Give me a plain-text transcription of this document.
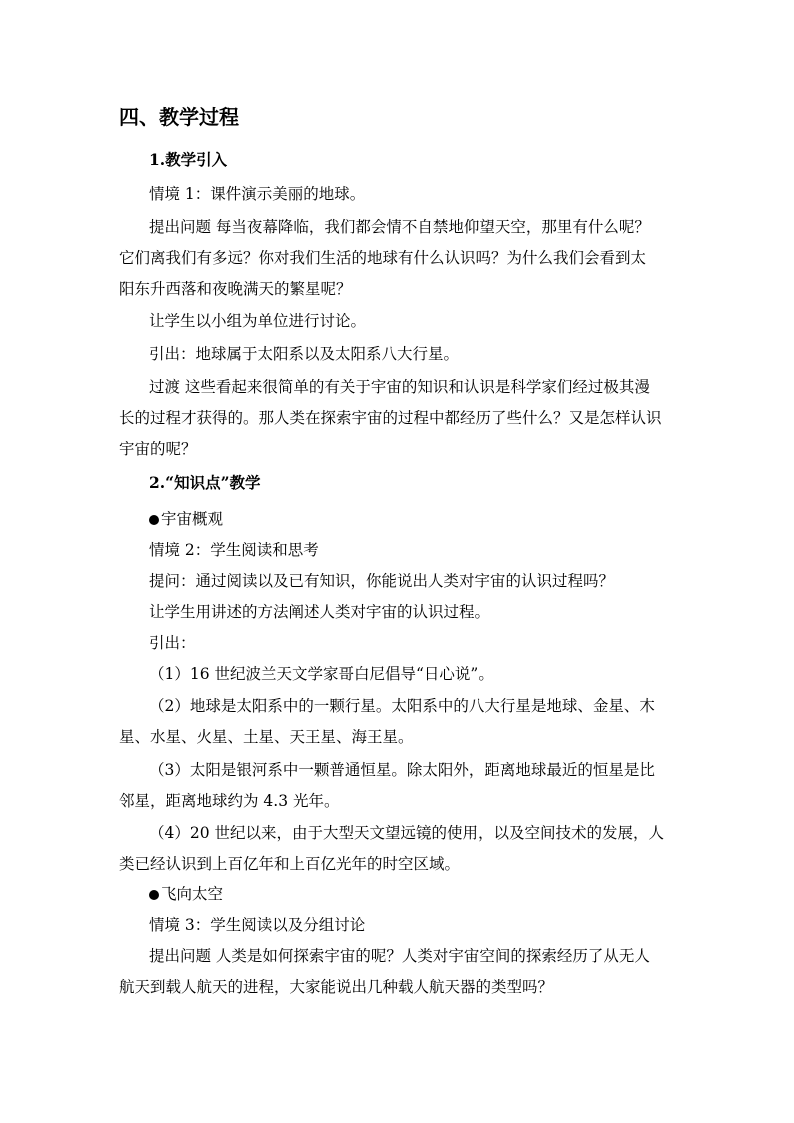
四、教学过程
1.教学引入
情境 1：课件演示美丽的地球。
提出问题 每当夜幕降临，我们都会情不自禁地仰望天空，那里有什么呢？
它们离我们有多远？你对我们生活的地球有什么认识吗？为什么我们会看到太
阳东升西落和夜晚满天的繁星呢？
让学生以小组为单位进行讨论。
引出：地球属于太阳系以及太阳系八大行星。
过渡 这些看起来很简单的有关于宇宙的知识和认识是科学家们经过极其漫
长的过程才获得的。那人类在探索宇宙的过程中都经历了些什么？又是怎样认识
宇宙的呢？
2.“知识点”教学
宇宙概观
情境 2：学生阅读和思考
提问：通过阅读以及已有知识，你能说出人类对宇宙的认识过程吗？
让学生用讲述的方法阐述人类对宇宙的认识过程。
引出：
（1）16 世纪波兰天文学家哥白尼倡导“日心说”。
（2）地球是太阳系中的一颗行星。太阳系中的八大行星是地球、金星、木
星、水星、火星、土星、天王星、海王星。
（3）太阳是银河系中一颗普通恒星。除太阳外，距离地球最近的恒星是比
邻星，距离地球约为 4.3 光年。
（4）20 世纪以来，由于大型天文望远镜的使用，以及空间技术的发展，人
类已经认识到上百亿年和上百亿光年的时空区域。
飞向太空
情境 3：学生阅读以及分组讨论
提出问题 人类是如何探索宇宙的呢？人类对宇宙空间的探索经历了从无人
航天到载人航天的进程，大家能说出几种载人航天器的类型吗？
